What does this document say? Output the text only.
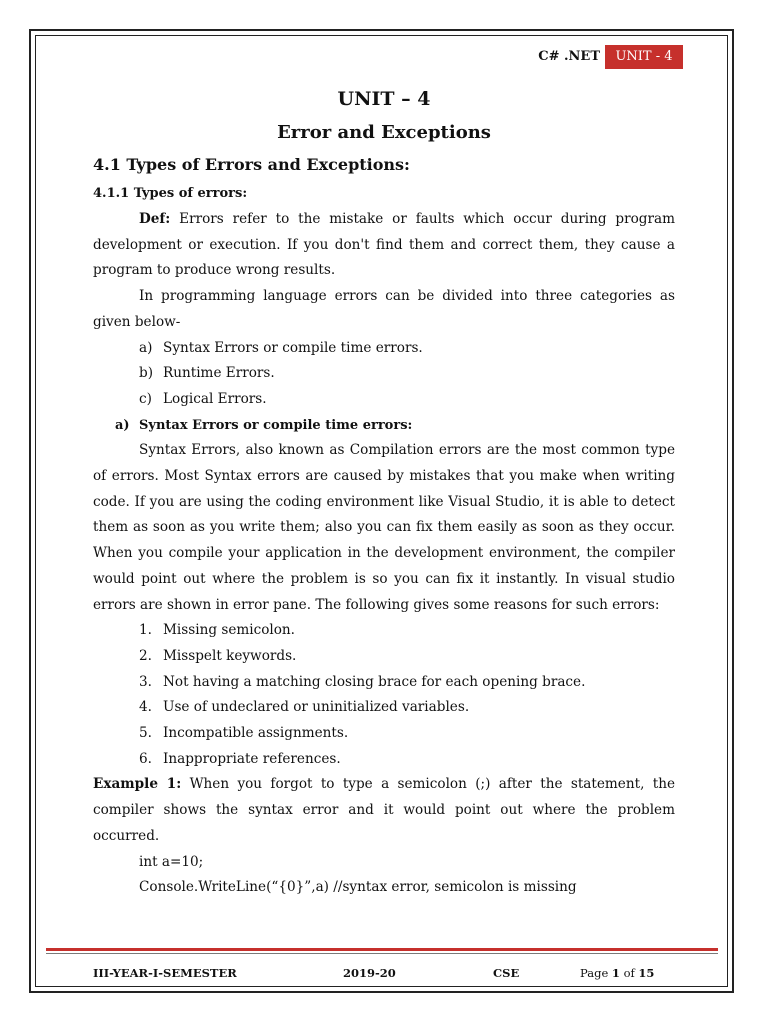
C# .NET	UNIT - 4
UNIT – 4
Error and Exceptions
4.1 Types of Errors and Exceptions:
4.1.1 Types of errors:

Def: Errors refer to the mistake or faults which occur during program development or execution. If you don't find them and correct them, they cause a program to produce wrong results.

In programming language errors can be divided into three categories as given below-

a) Syntax Errors or compile time errors.
b) Runtime Errors.
c) Logical Errors.
a) Syntax Errors or compile time errors:

Syntax Errors, also known as Compilation errors are the most common type of errors. Most Syntax errors are caused by mistakes that you make when writing code. If you are using the coding environment like Visual Studio, it is able to detect them as soon as you write them; also you can fix them easily as soon as they occur. When you compile your application in the development environment, the compiler would point out where the problem is so you can fix it instantly. In visual studio errors are shown in error pane. The following gives some reasons for such errors:

1. Missing semicolon.
2. Misspelt keywords.
3. Not having a matching closing brace for each opening brace.
4. Use of undeclared or uninitialized variables.
5. Incompatible assignments.
6. Inappropriate references.

Example 1: When you forgot to type a semicolon (;) after the statement, the compiler shows the syntax error and it would point out where the problem occurred.

int a=10;
Console.WriteLine(“{0}”,a) //syntax error, semicolon is missing
III-YEAR-I-SEMESTER	2019-20	CSE	Page 1 of 15
